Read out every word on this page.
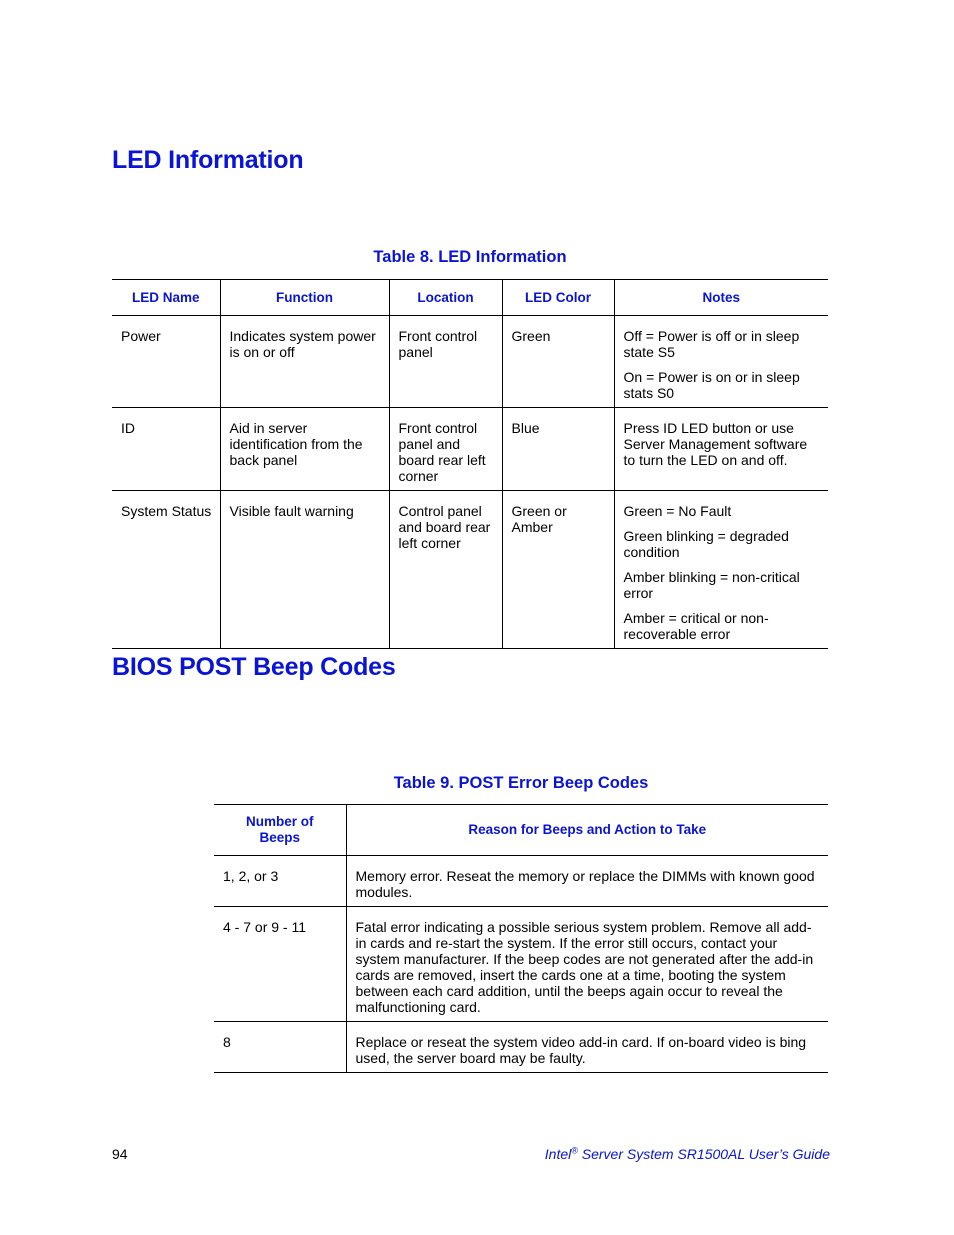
LED Information
Table 8. LED Information
LED Name	Function	Location	LED Color	Notes
Power	Indicates system power is on or off	Front control panel	Green	Off = Power is off or in sleep state S5

On = Power is on or in sleep stats S0

ID	Aid in server identification from the back panel	Front control panel and board rear left corner	Blue	Press ID LED button or use Server Management software to turn the LED on and off.

System Status	Visible fault warning	Control panel and board rear left corner	Green or Amber	Green = No Fault

Green blinking = degraded condition

Amber blinking = non-critical error

Amber = critical or non-recoverable error

BIOS POST Beep Codes
Table 9. POST Error Beep Codes
Number of Beeps	Reason for Beeps and Action to Take
1, 2, or 3	Memory error. Reseat the memory or replace the DIMMs with known good modules.
4 - 7 or 9 - 11	Fatal error indicating a possible serious system problem. Remove all add-in cards and re-start the system. If the error still occurs, contact your system manufacturer. If the beep codes are not generated after the add-in cards are removed, insert the cards one at a time, booting the system between each card addition, until the beeps again occur to reveal the malfunctioning card.
8	Replace or reseat the system video add-in card. If on-board video is bing used, the server board may be faulty.
94	Intel® Server System SR1500AL User’s Guide
